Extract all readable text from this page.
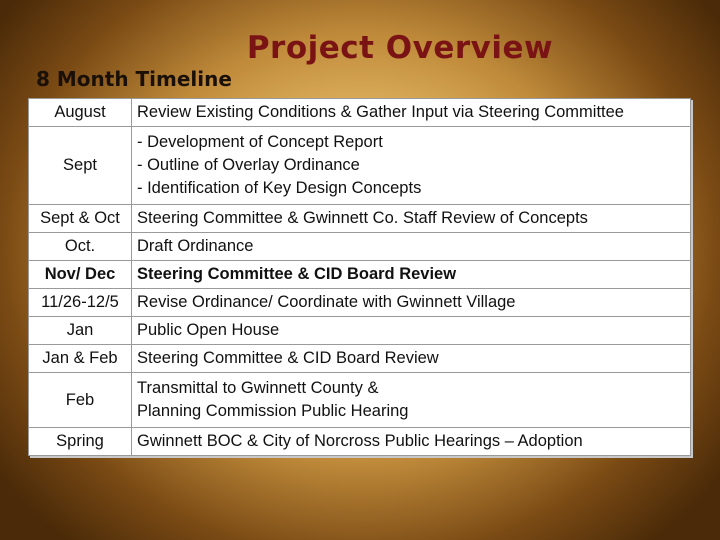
Project Overview
8 Month Timeline
August	Review Existing Conditions & Gather Input via Steering Committee

Sept	- Development of Concept Report
- Outline of Overlay Ordinance
- Identification of Key Design Concepts

Sept & Oct	Steering Committee & Gwinnett Co. Staff Review of Concepts

Oct.	Draft Ordinance

Nov/ Dec	Steering Committee & CID Board Review

11/26-12/5	Revise Ordinance/ Coordinate with Gwinnett Village

Jan	Public Open House

Jan & Feb	Steering Committee & CID Board Review

Feb	Transmittal to Gwinnett County &
Planning Commission Public Hearing

Spring	Gwinnett BOC & City of Norcross Public Hearings – Adoption
